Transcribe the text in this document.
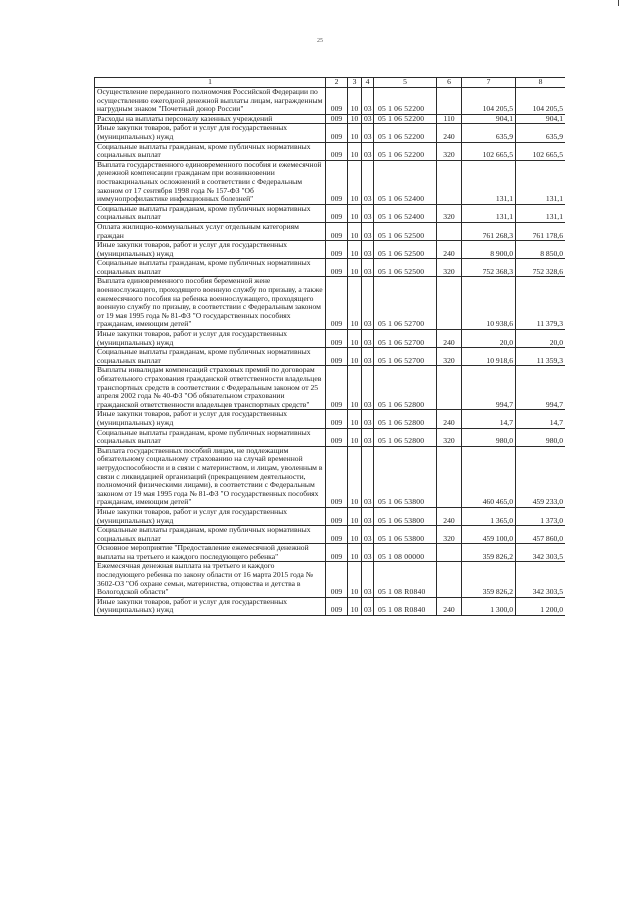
25
1	2	3	4	5	6	7	8
Осуществление переданного полномочия Российской Федерации по осуществлению ежегодной денежной выплаты лицам, награжденным нагрудным знаком "Почетный донор России"	009	10	03	05 1 06 52200		104 205,5	104 205,5
Расходы на выплаты персоналу казенных учреждений	009	10	03	05 1 06 52200	110	904,1	904,1
Иные закупки товаров, работ и услуг для государственных (муниципальных) нужд	009	10	03	05 1 06 52200	240	635,9	635,9
Социальные выплаты гражданам, кроме публичных нормативных социальных выплат	009	10	03	05 1 06 52200	320	102 665,5	102 665,5
Выплата государственного единовременного пособия и ежемесячной денежной компенсации гражданам при возникновении поствакцинальных осложнений в соответствии с Федеральным законом от 17 сентября 1998 года № 157-ФЗ "Об иммунопрофилактике инфекционных болезней"	009	10	03	05 1 06 52400		131,1	131,1
Социальные выплаты гражданам, кроме публичных нормативных социальных выплат	009	10	03	05 1 06 52400	320	131,1	131,1
Оплата жилищно-коммунальных услуг отдельным категориям граждан	009	10	03	05 1 06 52500		761 268,3	761 178,6
Иные закупки товаров, работ и услуг для государственных (муниципальных) нужд	009	10	03	05 1 06 52500	240	8 900,0	8 850,0
Социальные выплаты гражданам, кроме публичных нормативных социальных выплат	009	10	03	05 1 06 52500	320	752 368,3	752 328,6
Выплата единовременного пособия беременной жене военнослужащего, проходящего военную службу по призыву, а также ежемесячного пособия на ребенка военнослужащего, проходящего военную службу по призыву, в соответствии с Федеральным законом от 19 мая 1995 года № 81-ФЗ "О государственных пособиях гражданам, имеющим детей"	009	10	03	05 1 06 52700		10 938,6	11 379,3
Иные закупки товаров, работ и услуг для государственных (муниципальных) нужд	009	10	03	05 1 06 52700	240	20,0	20,0
Социальные выплаты гражданам, кроме публичных нормативных социальных выплат	009	10	03	05 1 06 52700	320	10 918,6	11 359,3
Выплаты инвалидам компенсаций страховых премий по договорам обязательного страхования гражданской ответственности владельцев транспортных средств в соответствии с Федеральным законом от 25 апреля 2002 года № 40-ФЗ "Об обязательном страховании гражданской ответственности владельцев транспортных средств"	009	10	03	05 1 06 52800		994,7	994,7
Иные закупки товаров, работ и услуг для государственных (муниципальных) нужд	009	10	03	05 1 06 52800	240	14,7	14,7
Социальные выплаты гражданам, кроме публичных нормативных социальных выплат	009	10	03	05 1 06 52800	320	980,0	980,0
Выплата государственных пособий лицам, не подлежащим обязательному социальному страхованию на случай временной нетрудоспособности и в связи с материнством, и лицам, уволенным в связи с ликвидацией организаций (прекращением деятельности, полномочий физическими лицами), в соответствии с Федеральным законом от 19 мая 1995 года № 81-ФЗ "О государственных пособиях гражданам, имеющим детей"	009	10	03	05 1 06 53800		460 465,0	459 233,0
Иные закупки товаров, работ и услуг для государственных (муниципальных) нужд	009	10	03	05 1 06 53800	240	1 365,0	1 373,0
Социальные выплаты гражданам, кроме публичных нормативных социальных выплат	009	10	03	05 1 06 53800	320	459 100,0	457 860,0
Основное мероприятие "Предоставление ежемесячной денежной выплаты на третьего и каждого последующего ребенка"	009	10	03	05 1 08 00000		359 826,2	342 303,5
Ежемесячная денежная выплата на третьего и каждого последующего ребенка по закону области от 16 марта 2015 года № 3602-ОЗ "Об охране семьи, материнства, отцовства и детства в Вологодской области"	009	10	03	05 1 08 R0840		359 826,2	342 303,5
Иные закупки товаров, работ и услуг для государственных (муниципальных) нужд	009	10	03	05 1 08 R0840	240	1 300,0	1 200,0
